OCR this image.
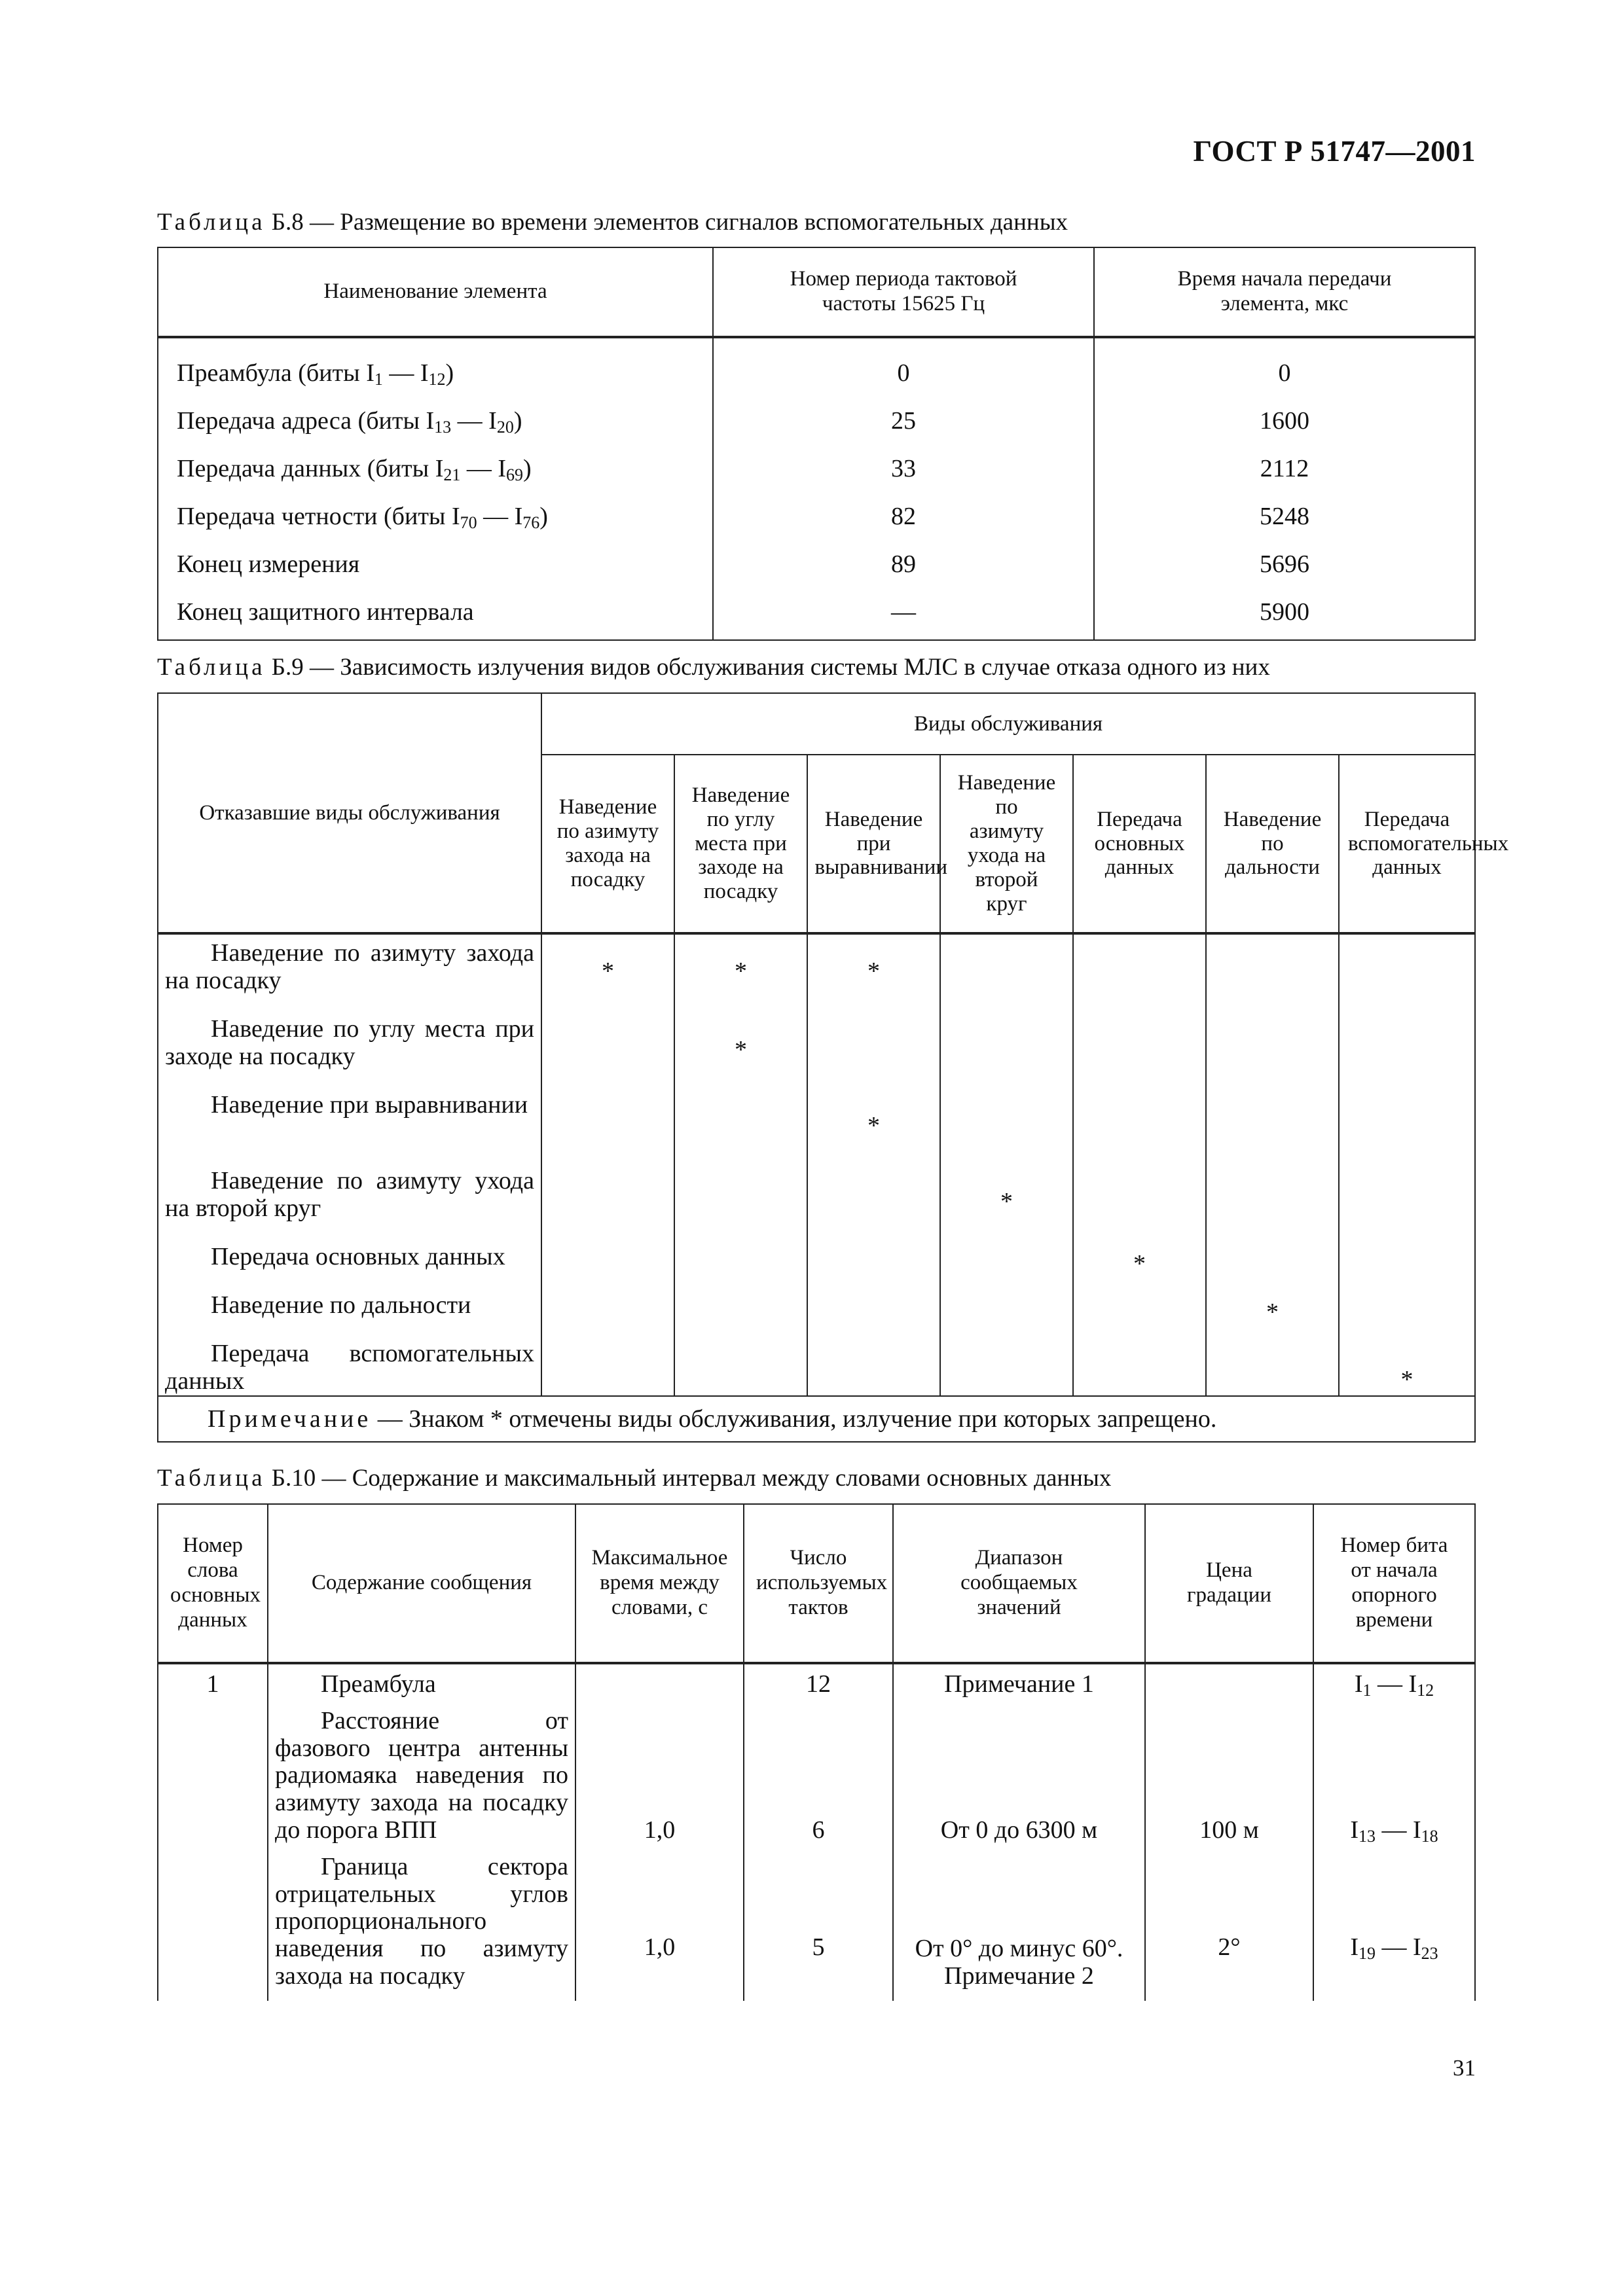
ГОСТ Р 51747—2001
Таблица Б.8 — Размещение во времени элементов сигналов вспомогательных данных
Наименование элемента	Номер периода тактовой частоты 15625 Гц	Время начала передачи элемента, мкс

Преамбула (биты $I_1$ — $I_{12}$)	0	0
Передача адреса (биты $I_{13}$ — $I_{20}$)	25	1600
Передача данных (биты $I_{21}$ — $I_{69}$)	33	2112
Передача четности (биты $I_{70}$ — $I_{76}$)	82	5248
Конец измерения	89	5696
Конец защитного интервала	—	5900
Таблица Б.9 — Зависимость излучения видов обслуживания системы МЛС в случае отказа одного из них
Отказавшие виды обслуживания	Виды обслуживания						

	Наведение по азимуту захода на посадку	Наведение по углу места при заходе на посадку	Наведение при выравнивании	Наведение по азимуту ухода на второй круг	Передача основных данных	Наведение по дальности	Передача вспомогательных данных
Наведение по азимуту захода на посадку	*	*	*				
Наведение по углу места при заходе на посадку		*					
Наведение при выравнивании			*				
Наведение по азимуту ухода на второй круг				*			
Передача основных данных					*		
Наведение по дальности						*	
Передача вспомогательных данных							*
Примечание — Знаком * отмечены виды обслуживания, излучение при которых запрещено.							
Таблица Б.10 — Содержание и максимальный интервал между словами основных данных
Номер слова основных данных	Содержание сообщения	Максимальное время между словами, с	Число используемых тактов	Диапазон сообщаемых значений	Цена градации	Номер бита от начала опорного времени

1	Преамбула		12	Примечание 1		$I_1$ — $I_{12}$

	Расстояние от фазового центра антенны радиомаяка наведения по азимуту захода на посадку до порога ВПП	1,0	6	От 0 до 6300 м	100 м	$I_{13}$ — $I_{18}$

	Граница сектора отрицательных углов пропорционального наведения по азимуту захода на посадку	1,0	5	От 0° до минус 60°. Примечание 2	2°	$I_{19}$ — $I_{23}$

31
